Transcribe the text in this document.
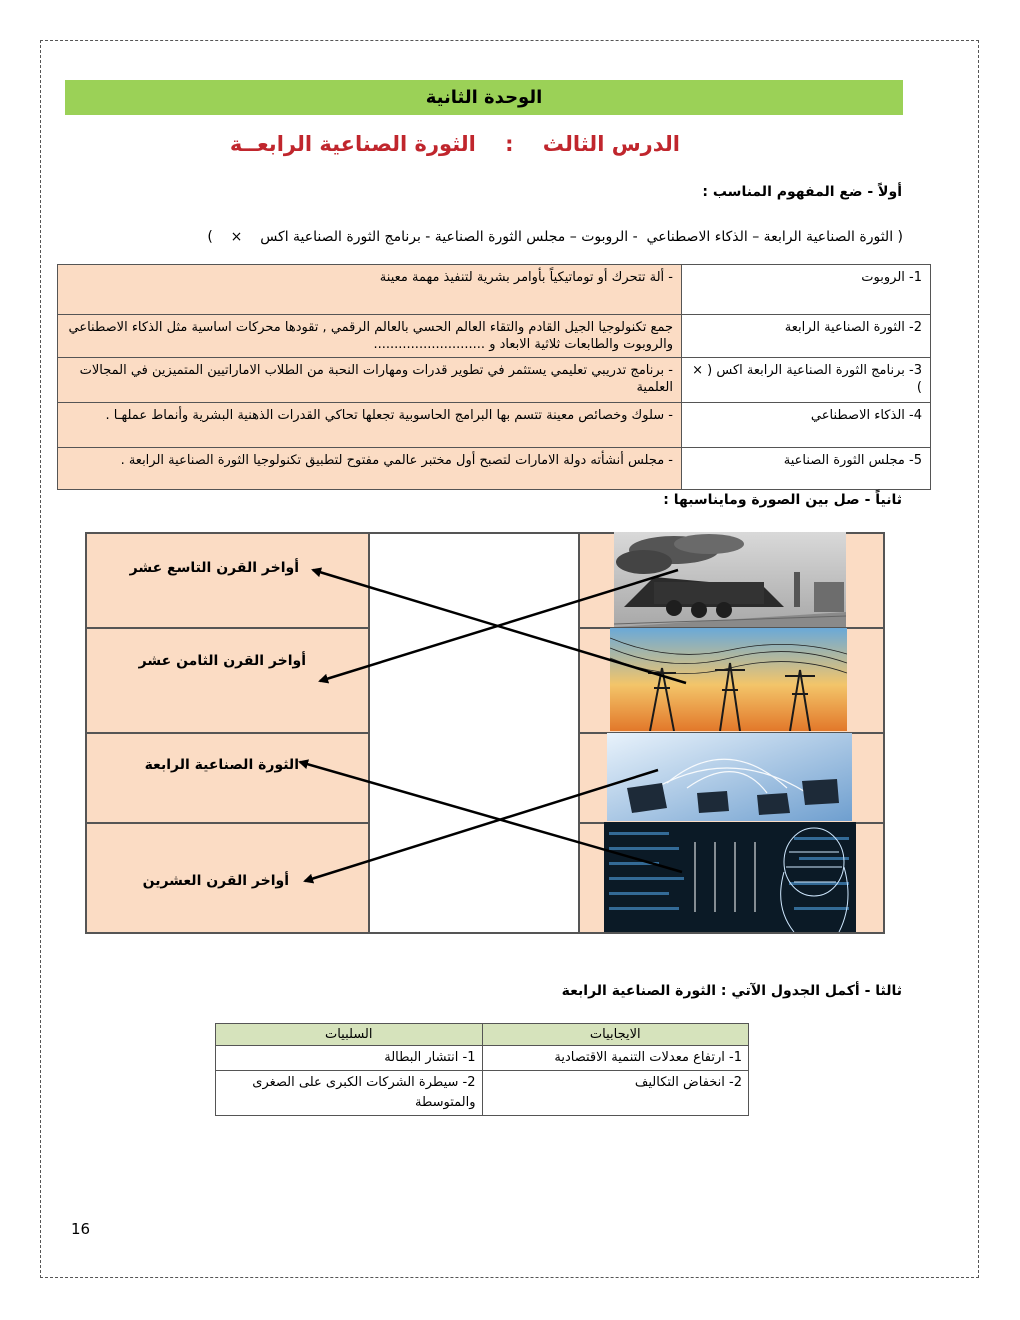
الوحدة الثانية
الدرس الثالث    :    الثورة الصناعية الرابعــة
أولاً - ضع المفهوم المناسب :
( الثورة الصناعية الرابعة – الذكاء الاصطناعي  - الروبوت – مجلس الثورة الصناعية - برنامج الثورة الصناعية اكس    ×    )
1- الروبوت	- ألة تتحرك أو توماتيكياً بأوامر بشرية لتنفيذ مهمة معينة
2- الثورة الصناعية الرابعة	جمع تكنولوجيا الجيل القادم والتقاء العالم الحسي بالعالم الرقمي , تقودها محركات اساسية مثل الذكاء الاصطناعي والروبوت والطابعات ثلاثية الابعاد و ...........................
3- برنامج الثورة الصناعية الرابعة اكس ( × )	- برنامج تدريبي تعليمي يستثمر في تطوير قدرات ومهارات النحبة من الطلاب الاماراتيين المتميزين في المجالات العلمية
4- الذكاء الاصطناعي	- سلوك وخصائص معينة تتسم بها البرامج الحاسوبية تجعلها تحاكي القدرات الذهنية البشرية وأنماط عملهـا .
5- مجلس الثورة الصناعية	- مجلس أنشأته دولة الامارات لتصبح أول مختبر عالمي مفتوح لتطبيق تكنولوجيا الثورة الصناعية الرابعة .
ثانياً - صل بين الصورة ومايناسبها :
أواخر القرن التاسع عشر
أواخر القرن الثامن عشر
الثورة الصناعية الرابعة
أواخر القرن العشرين
ثالثا - أكمل الجدول الآتي : الثورة الصناعية الرابعة
الايجابيات	السلبيات
1- ارتفاع معدلات التنمية الاقتصادية	1- انتشار البطالة
2- انخفاض التكاليف	2- سيطرة الشركات الكبرى على الصغرى والمتوسطة
16
